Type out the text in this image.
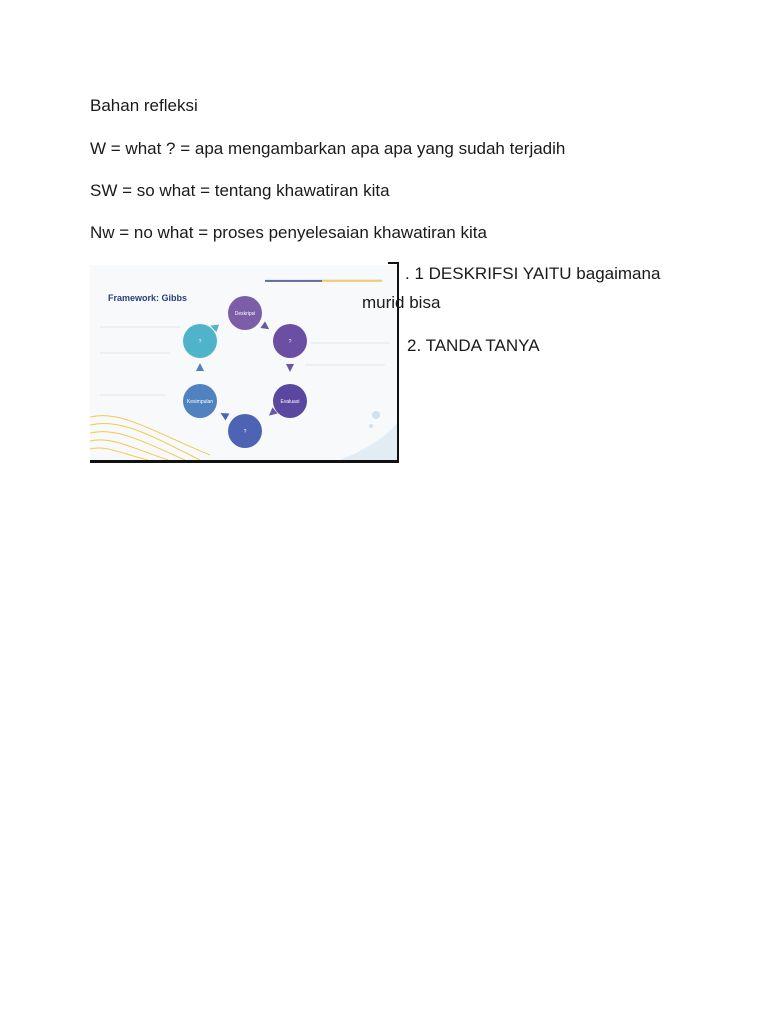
Bahan refleksi
W = what ? = apa mengambarkan apa apa yang sudah terjadih
SW = so what = tentang khawatiran kita
Nw = no what = proses penyelesaian khawatiran kita
Deskripsi
?
Evaluasi
?
Kesimpulan
?
Framework: Gibbs
. 1 DESKRIFSI YAITU bagaimana
murid bisa
2. TANDA TANYA
